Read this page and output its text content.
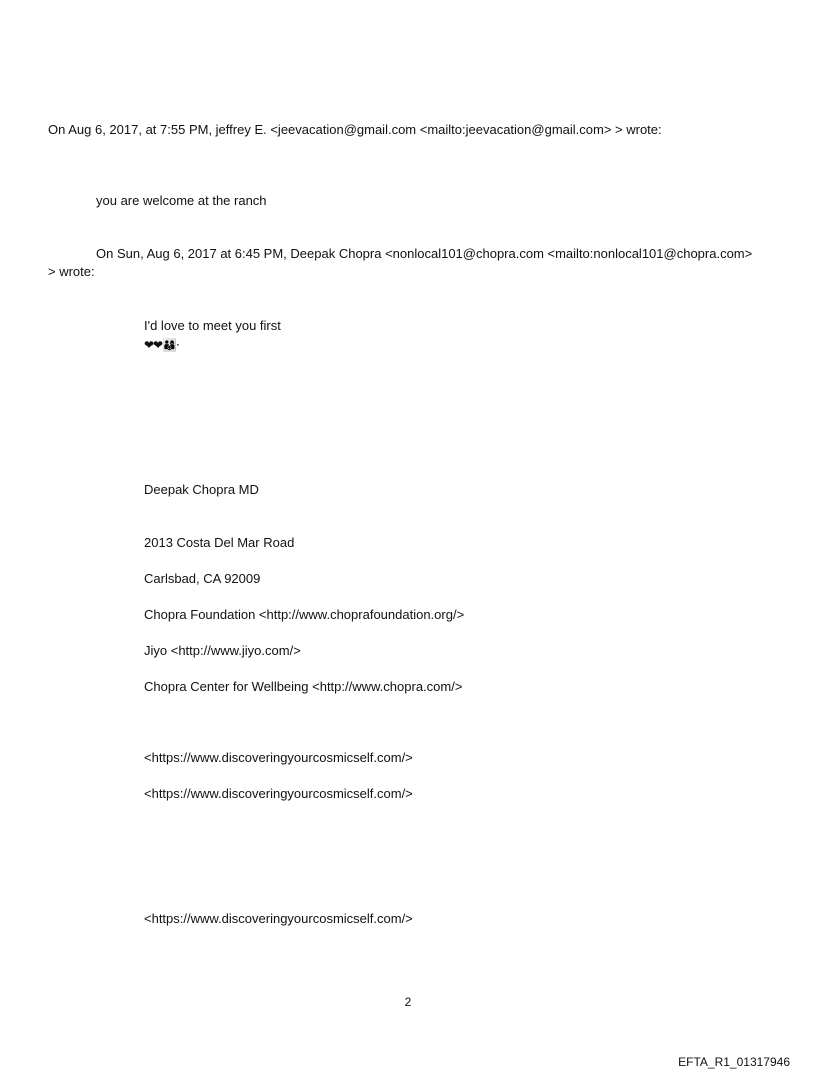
On Aug 6, 2017, at 7:55 PM, jeffrey E. <jeevacation@gmail.com <mailto:jeevacation@gmail.com> > wrote:
you are welcome at the ranch
On Sun, Aug 6, 2017 at 6:45 PM, Deepak Chopra <nonlocal101@chopra.com <mailto:nonlocal101@chopra.com>
> wrote:
I'd love to meet you first
❤❤👨‍👩‍👦·
Deepak Chopra MD
2013 Costa Del Mar Road
Carlsbad, CA 92009
Chopra Foundation <http://www.choprafoundation.org/>
Jiyo <http://www.jiyo.com/>
Chopra Center for Wellbeing <http://www.chopra.com/>
<https://www.discoveringyourcosmicself.com/>
<https://www.discoveringyourcosmicself.com/>
<https://www.discoveringyourcosmicself.com/>
2
EFTA_R1_01317946
